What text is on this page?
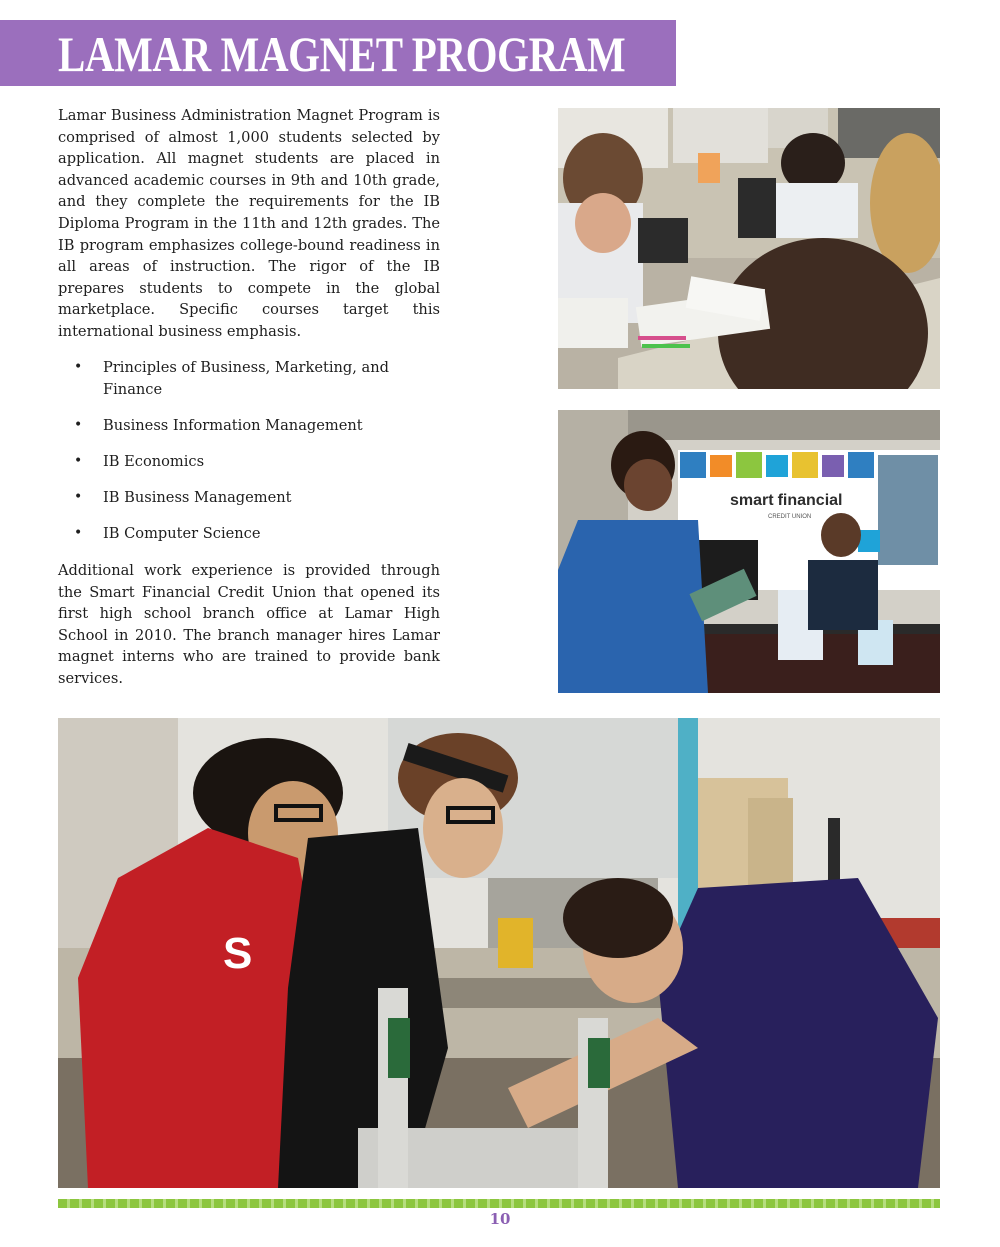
LAMAR MAGNET PROGRAM

Lamar Business Administration Magnet Program is comprised of almost 1,000 students selected by application. All magnet students are placed in advanced academic courses in 9th and 10th grade, and they complete the requirements for the IB Diploma Program in the 11th and 12th grades. The IB program emphasizes college-bound readiness in all areas of instruction. The rigor of the IB prepares students to compete in the global marketplace. Specific courses target this international business emphasis.

• Principles of Business, Marketing, and Finance
• Business Information Management
• IB Economics
• IB Business Management
• IB Computer Science

Additional work experience is provided through the Smart Financial Credit Union that opened its first high school branch office at Lamar High School in 2010. The branch manager hires Lamar magnet interns who are trained to provide bank services.

smart financial
CREDIT UNION
S
10
